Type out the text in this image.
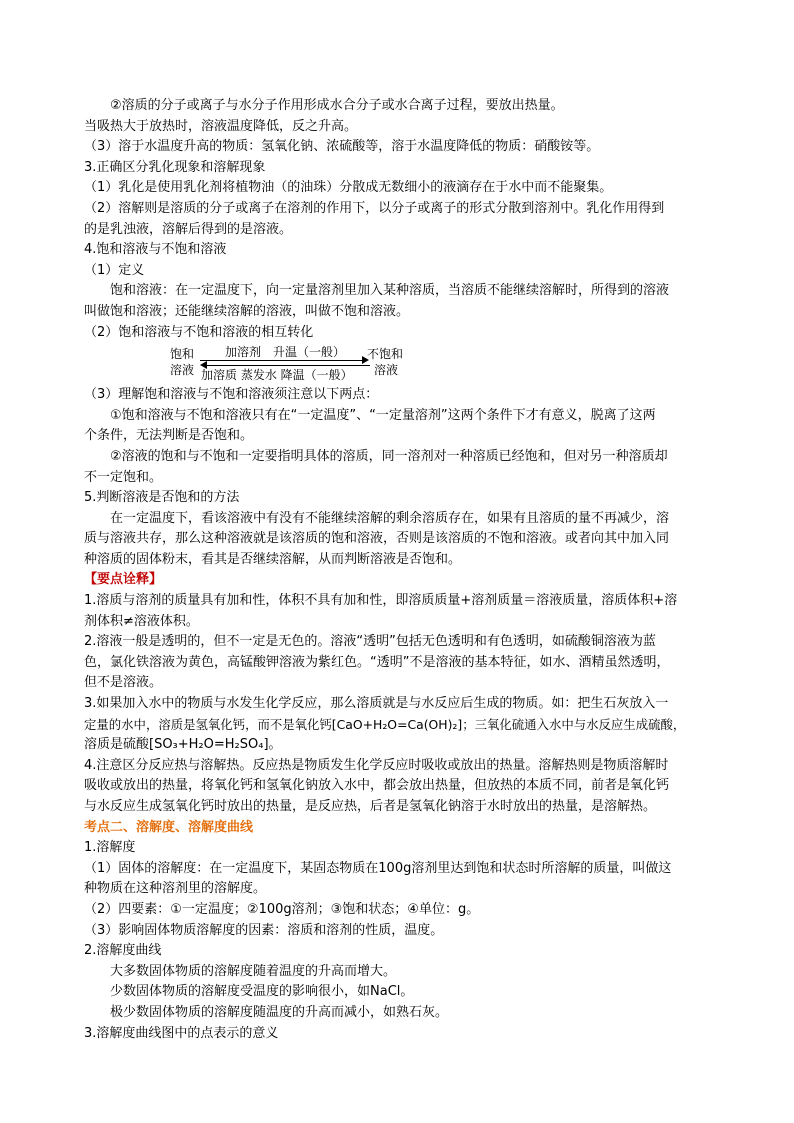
②溶质的分子或离子与水分子作用形成水合分子或水合离子过程，要放出热量。

当吸热大于放热时，溶液温度降低，反之升高。

（3）溶于水温度升高的物质：氢氧化钠、浓硫酸等，溶于水温度降低的物质：硝酸铵等。

3.正确区分乳化现象和溶解现象

（1）乳化是使用乳化剂将植物油（的油珠）分散成无数细小的液滴存在于水中而不能聚集。

（2）溶解则是溶质的分子或离子在溶剂的作用下，以分子或离子的形式分散到溶剂中。乳化作用得到

的是乳浊液，溶解后得到的是溶液。

4.饱和溶液与不饱和溶液

（1）定义

饱和溶液：在一定温度下，向一定量溶剂里加入某种溶质，当溶质不能继续溶解时，所得到的溶液

叫做饱和溶液；还能继续溶解的溶液，叫做不饱和溶液。

（2）饱和溶液与不饱和溶液的相互转化

饱和
溶液
加溶剂　升温（一般）
加溶质 蒸发水 降温（一般）
不饱和
溶液

（3）理解饱和溶液与不饱和溶液须注意以下两点：

①饱和溶液与不饱和溶液只有在“一定温度”、“一定量溶剂”这两个条件下才有意义，脱离了这两

个条件，无法判断是否饱和。

②溶液的饱和与不饱和一定要指明具体的溶质，同一溶剂对一种溶质已经饱和，但对另一种溶质却

不一定饱和。

5.判断溶液是否饱和的方法

在一定温度下，看该溶液中有没有不能继续溶解的剩余溶质存在，如果有且溶质的量不再减少，溶

质与溶液共存，那么这种溶液就是该溶质的饱和溶液，否则是该溶质的不饱和溶液。或者向其中加入同

种溶质的固体粉末，看其是否继续溶解，从而判断溶液是否饱和。

【要点诠释】

1.溶质与溶剂的质量具有加和性，体积不具有加和性，即溶质质量+溶剂质量＝溶液质量，溶质体积+溶

剂体积≠溶液体积。

2.溶液一般是透明的，但不一定是无色的。溶液“透明”包括无色透明和有色透明，如硫酸铜溶液为蓝

色，氯化铁溶液为黄色，高锰酸钾溶液为紫红色。“透明”不是溶液的基本特征，如水、酒精虽然透明，

但不是溶液。

3.如果加入水中的物质与水发生化学反应，那么溶质就是与水反应后生成的物质。如：把生石灰放入一

定量的水中，溶质是氢氧化钙，而不是氧化钙[CaO+H₂O=Ca(OH)₂]；三氧化硫通入水中与水反应生成硫酸，

溶质是硫酸[SO₃+H₂O=H₂SO₄]。

4.注意区分反应热与溶解热。反应热是物质发生化学反应时吸收或放出的热量。溶解热则是物质溶解时

吸收或放出的热量，将氧化钙和氢氧化钠放入水中，都会放出热量，但放热的本质不同，前者是氧化钙

与水反应生成氢氧化钙时放出的热量，是反应热，后者是氢氧化钠溶于水时放出的热量，是溶解热。

考点二、溶解度、溶解度曲线

1.溶解度

（1）固体的溶解度：在一定温度下，某固态物质在100g溶剂里达到饱和状态时所溶解的质量，叫做这

种物质在这种溶剂里的溶解度。

（2）四要素：①一定温度；②100g溶剂；③饱和状态；④单位：g。

（3）影响固体物质溶解度的因素：溶质和溶剂的性质，温度。

2.溶解度曲线

大多数固体物质的溶解度随着温度的升高而增大。

少数固体物质的溶解度受温度的影响很小，如NaCl。

极少数固体物质的溶解度随温度的升高而减小，如熟石灰。

3.溶解度曲线图中的点表示的意义
